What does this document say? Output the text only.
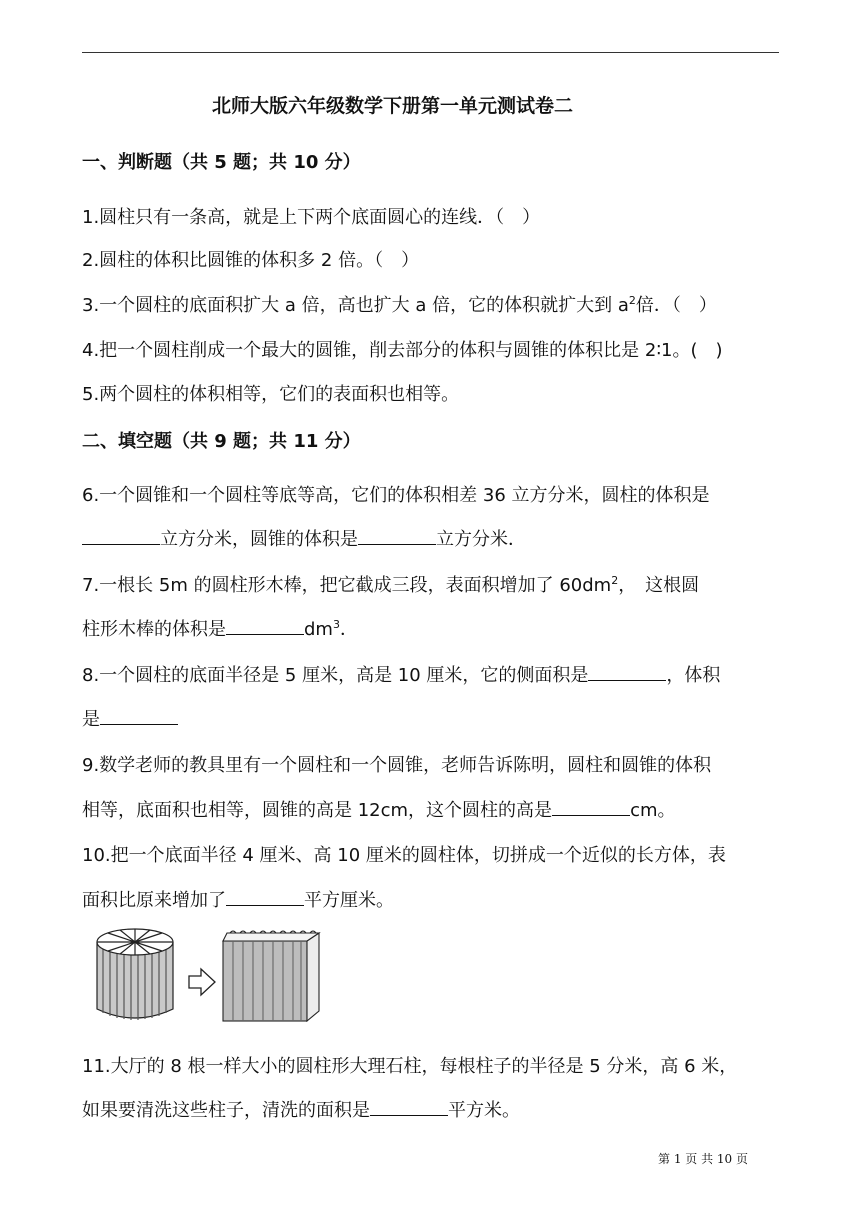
北师大版六年级数学下册第一单元测试卷二
一、判断题（共 5 题；共 10 分）
1.圆柱只有一条高，就是上下两个底面圆心的连线．（　）
2.圆柱的体积比圆锥的体积多 2 倍。（　）
3.一个圆柱的底面积扩大 a 倍，高也扩大 a 倍，它的体积就扩大到 $a^2$倍．（　）
4.把一个圆柱削成一个最大的圆锥，削去部分的体积与圆锥的体积比是 2∶1。(　)
5.两个圆柱的体积相等，它们的表面积也相等。
二、填空题（共 9 题；共 11 分）
6.一个圆锥和一个圆柱等底等高，它们的体积相差 36 立方分米，圆柱的体积是
立方分米，圆锥的体积是	立方分米．
7.一根长 5m 的圆柱形木棒，把它截成三段，表面积增加了 $60dm^2$，　这根圆
柱形木棒的体积是	$dm^3$．
8.一个圆柱的底面半径是 5 厘米，高是 10 厘米，它的侧面积是	，体积
是
9.数学老师的教具里有一个圆柱和一个圆锥，老师告诉陈明，圆柱和圆锥的体积
相等，底面积也相等，圆锥的高是 12cm，这个圆柱的高是	cm。
10.把一个底面半径 4 厘米、高 10 厘米的圆柱体，切拼成一个近似的长方体，表
面积比原来增加了	平方厘米。
11.大厅的 8 根一样大小的圆柱形大理石柱，每根柱子的半径是 5 分米，高 6 米，
如果要清洗这些柱子，清洗的面积是	平方米。
第 1 页 共 10 页
